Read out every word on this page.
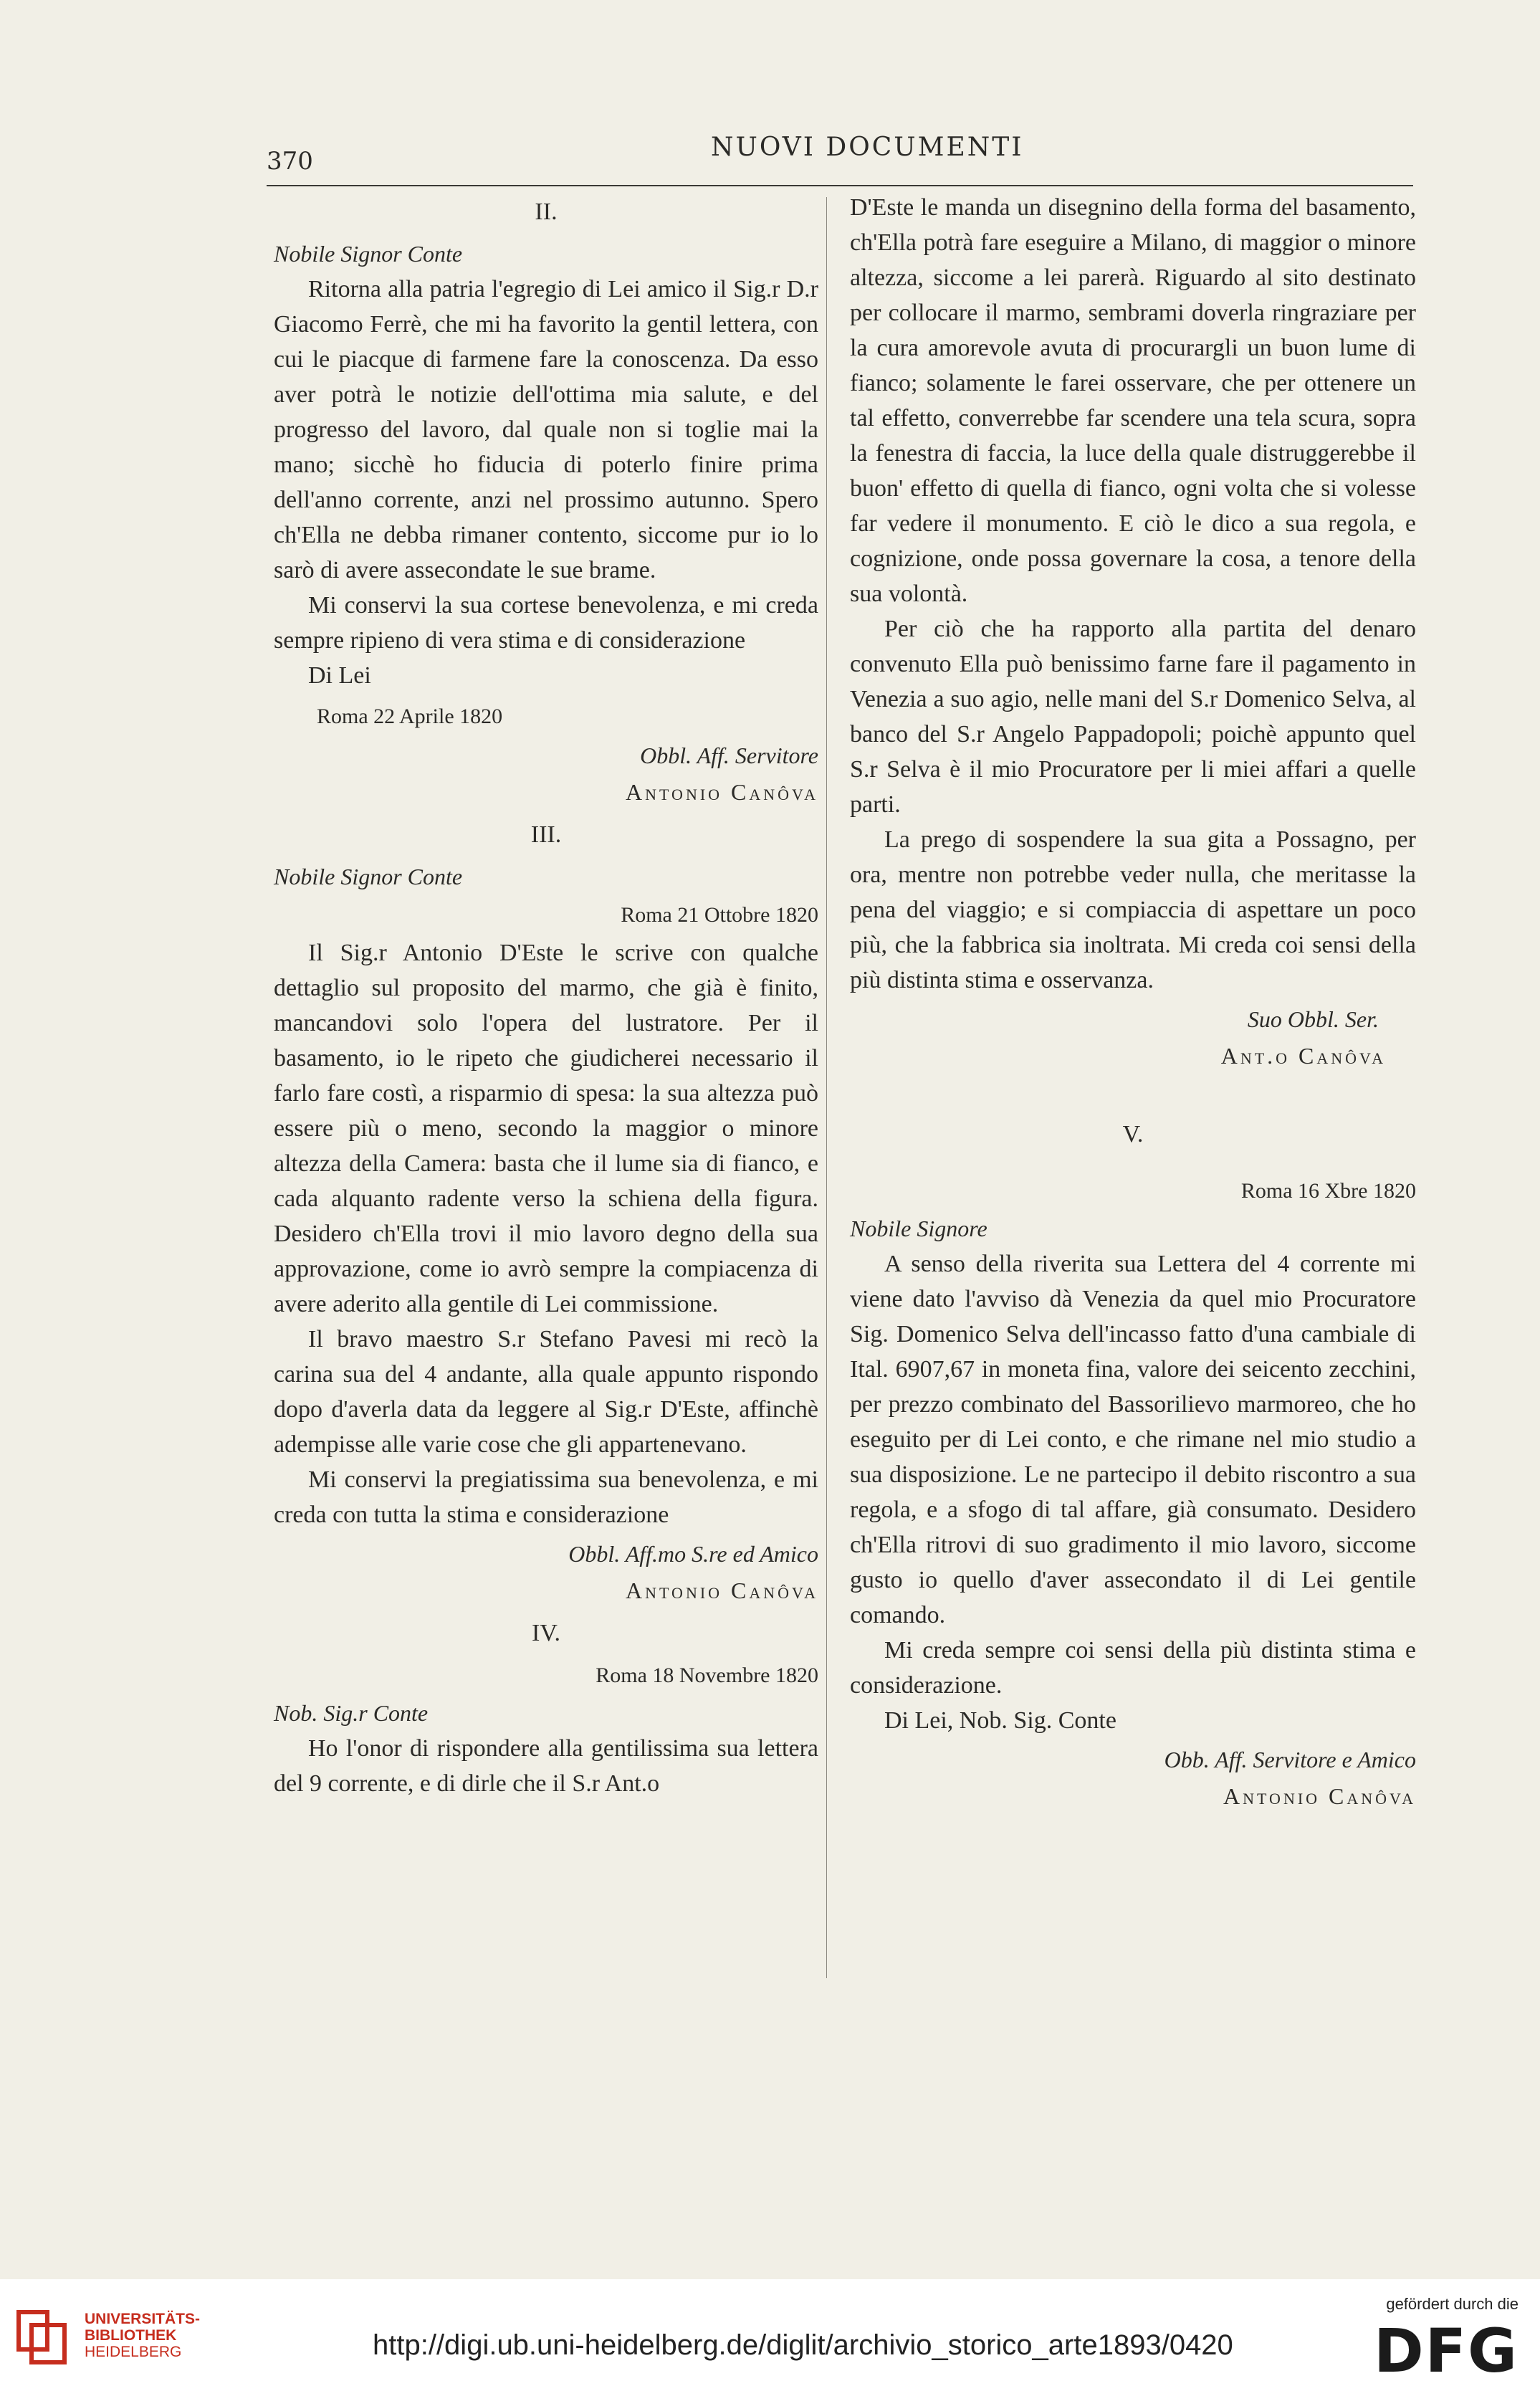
370	NUOVI DOCUMENTI
II.

Nobile Signor Conte

Ritorna alla patria l'egregio di Lei amico il Sig.r D.r Giacomo Ferrè, che mi ha favorito la gentil lettera, con cui le piacque di farmene fare la conoscenza. Da esso aver potrà le notizie dell'ottima mia salute, e del progresso del lavoro, dal quale non si toglie mai la mano; sicchè ho fiducia di poterlo finire prima dell'anno corrente, anzi nel prossimo autunno. Spero ch'Ella ne debba rimaner contento, siccome pur io lo sarò di avere assecondate le sue brame.

Mi conservi la sua cortese benevolenza, e mi creda sempre ripieno di vera stima e di considerazione

Di Lei

Roma 22 Aprile 1820
Obbl. Aff. Servitore
Antonio Canôva
III.

Nobile Signor Conte

Roma 21 Ottobre 1820

Il Sig.r Antonio D'Este le scrive con qualche dettaglio sul proposito del marmo, che già è finito, mancandovi solo l'opera del lustratore. Per il basamento, io le ripeto che giudicherei necessario il farlo fare costì, a risparmio di spesa: la sua altezza può essere più o meno, secondo la maggior o minore altezza della Camera: basta che il lume sia di fianco, e cada alquanto radente verso la schiena della figura. Desidero ch'Ella trovi il mio lavoro degno della sua approvazione, come io avrò sempre la compiacenza di avere aderito alla gentile di Lei commissione.

Il bravo maestro S.r Stefano Pavesi mi recò la carina sua del 4 andante, alla quale appunto rispondo dopo d'averla data da leggere al Sig.r D'Este, affinchè adempisse alle varie cose che gli appartenevano.

Mi conservi la pregiatissima sua benevolenza, e mi creda con tutta la stima e considerazione

Obbl. Aff.mo S.re ed Amico
Antonio Canôva
IV.
Roma 18 Novembre 1820

Nob. Sig.r Conte

Ho l'onor di rispondere alla gentilissima sua lettera del 9 corrente, e di dirle che il S.r Ant.o

D'Este le manda un disegnino della forma del basamento, ch'Ella potrà fare eseguire a Milano, di maggior o minore altezza, siccome a lei parerà. Riguardo al sito destinato per collocare il marmo, sembrami doverla ringraziare per la cura amorevole avuta di procurargli un buon lume di fianco; solamente le farei osservare, che per ottenere un tal effetto, converrebbe far scendere una tela scura, sopra la fenestra di faccia, la luce della quale distruggerebbe il buon' effetto di quella di fianco, ogni volta che si volesse far vedere il monumento. E ciò le dico a sua regola, e cognizione, onde possa governare la cosa, a tenore della sua volontà.

Per ciò che ha rapporto alla partita del denaro convenuto Ella può benissimo farne fare il pagamento in Venezia a suo agio, nelle mani del S.r Domenico Selva, al banco del S.r Angelo Pappadopoli; poichè appunto quel S.r Selva è il mio Procuratore per li miei affari a quelle parti.

La prego di sospendere la sua gita a Possagno, per ora, mentre non potrebbe veder nulla, che meritasse la pena del viaggio; e si compiaccia di aspettare un poco più, che la fabbrica sia inoltrata. Mi creda coi sensi della più distinta stima e osservanza.

Suo Obbl. Ser.
Ant.o Canôva
V.
Roma 16 Xbre 1820

Nobile Signore

A senso della riverita sua Lettera del 4 corrente mi viene dato l'avviso dà Venezia da quel mio Procuratore Sig. Domenico Selva dell'incasso fatto d'una cambiale di Ital. 6907,67 in moneta fina, valore dei seicento zecchini, per prezzo combinato del Bassorilievo marmoreo, che ho eseguito per di Lei conto, e che rimane nel mio studio a sua disposizione. Le ne partecipo il debito riscontro a sua regola, e a sfogo di tal affare, già consumato. Desidero ch'Ella ritrovi di suo gradimento il mio lavoro, siccome gusto io quello d'aver assecondato il di Lei gentile comando.

Mi creda sempre coi sensi della più distinta stima e considerazione.

Di Lei, Nob. Sig. Conte

Obb. Aff. Servitore e Amico
Antonio Canôva
UNIVERSITÄTS-
BIBLIOTHEK
HEIDELBERG	http://digi.ub.uni-heidelberg.de/diglit/archivio_storico_arte1893/0420
gefördert durch die
DFG
